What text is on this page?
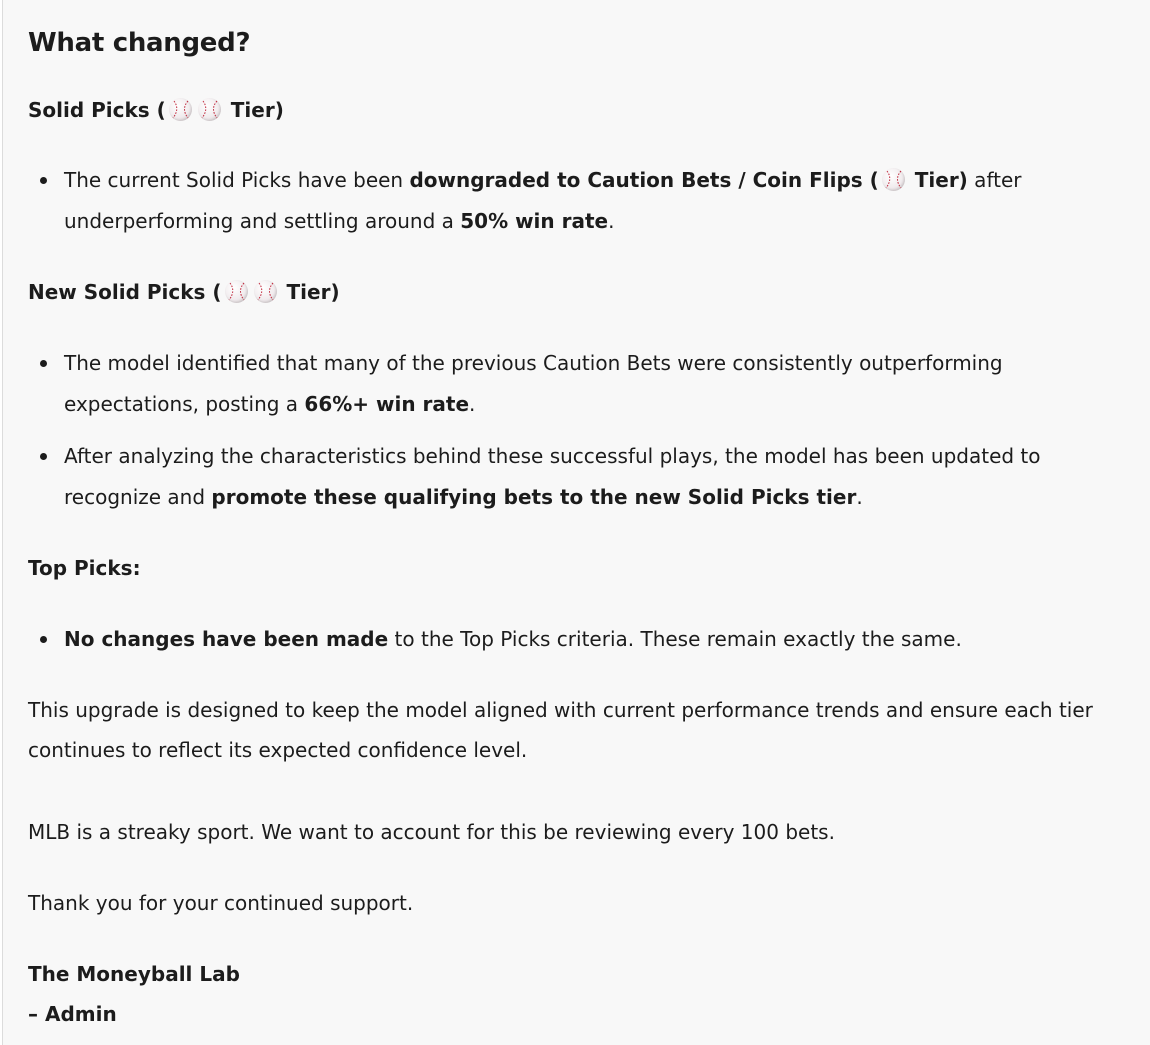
What changed?
Solid Picks (	Tier)
The current Solid Picks have been downgraded to Caution Bets / Coin Flips (
Tier) after underperforming and settling around a 50% win rate.
New Solid Picks (	Tier)
The model identified that many of the previous Caution Bets were consistently outperforming expectations, posting a 66%+ win rate.
After analyzing the characteristics behind these successful plays, the model has been updated to recognize and promote these qualifying bets to the new Solid Picks tier.
Top Picks:
No changes have been made to the Top Picks criteria. These remain exactly the same.
This upgrade is designed to keep the model aligned with current performance trends and ensure each tier continues to reflect its expected confidence level.
MLB is a streaky sport. We want to account for this be reviewing every 100 bets.
Thank you for your continued support.
The Moneyball Lab
– Admin
